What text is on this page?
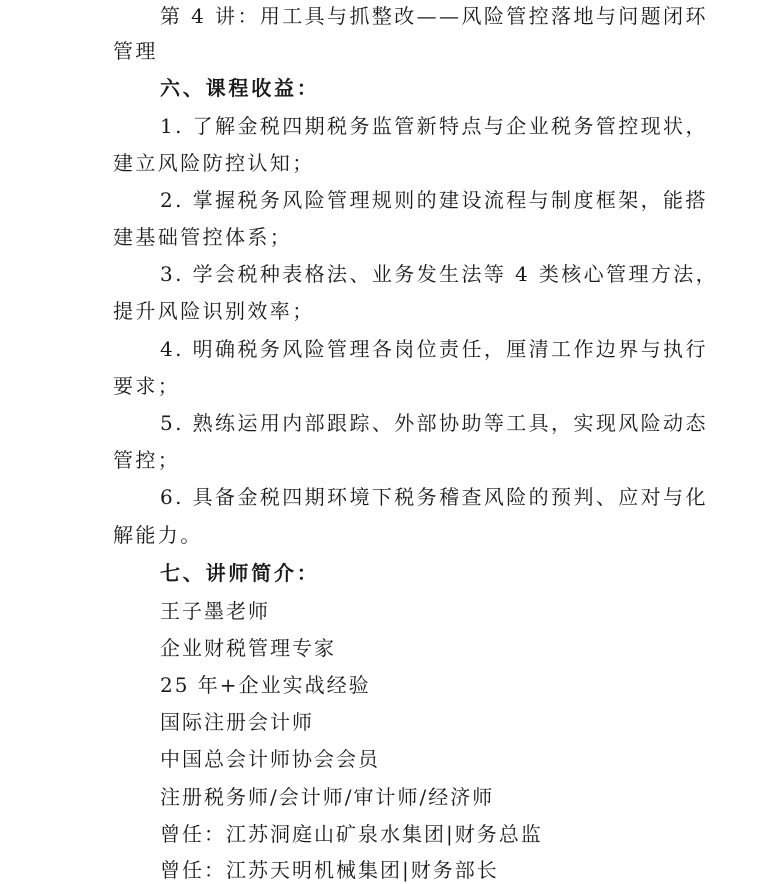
第 4 讲：用工具与抓整改——风险管控落地与问题闭环
管理
六、课程收益：
1. 了解金税四期税务监管新特点与企业税务管控现状，
建立风险防控认知；
2. 掌握税务风险管理规则的建设流程与制度框架，能搭
建基础管控体系；
3. 学会税种表格法、业务发生法等 4 类核心管理方法，
提升风险识别效率；
4. 明确税务风险管理各岗位责任，厘清工作边界与执行
要求；
5. 熟练运用内部跟踪、外部协助等工具，实现风险动态
管控；
6. 具备金税四期环境下税务稽查风险的预判、应对与化
解能力。
七、讲师简介：
王子墨老师
企业财税管理专家
25 年+企业实战经验
国际注册会计师
中国总会计师协会会员
注册税务师/会计师/审计师/经济师
曾任：江苏洞庭山矿泉水集团|财务总监
曾任：江苏天明机械集团|财务部长
